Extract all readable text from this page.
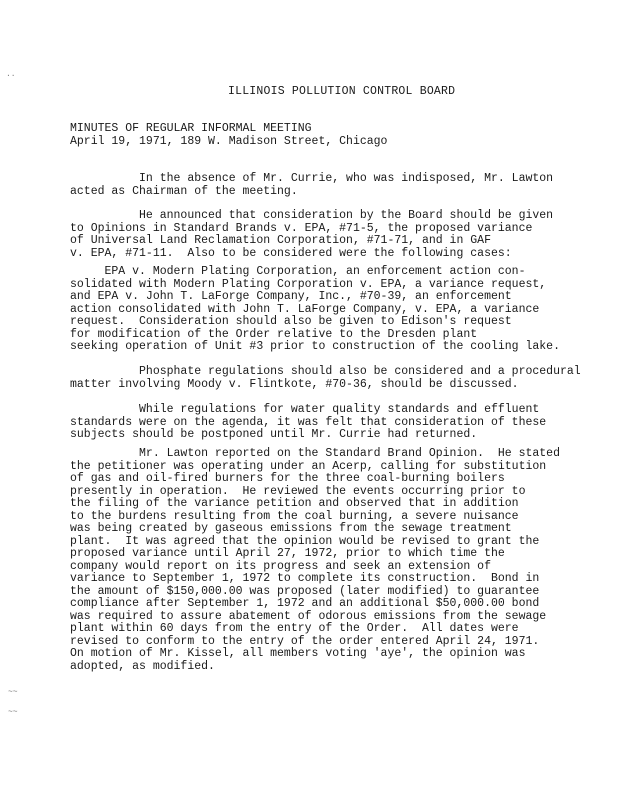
ILLINOIS POLLUTION CONTROL BOARD
MINUTES OF REGULAR INFORMAL MEETING
April 19, 1971, 189 W. Madison Street, Chicago

In the absence of Mr. Currie, who was indisposed, Mr. Lawton
acted as Chairman of the meeting.

He announced that consideration by the Board should be given
to Opinions in Standard Brands v. EPA, #71-5, the proposed variance
of Universal Land Reclamation Corporation, #71-71, and in GAF
v. EPA, #71-11.  Also to be considered were the following cases:

EPA v. Modern Plating Corporation, an enforcement action con-
solidated with Modern Plating Corporation v. EPA, a variance request,
and EPA v. John T. LaForge Company, Inc., #70-39, an enforcement
action consolidated with John T. LaForge Company, v. EPA, a variance
request.  Consideration should also be given to Edison's request
for modification of the Order relative to the Dresden plant
seeking operation of Unit #3 prior to construction of the cooling lake.

Phosphate regulations should also be considered and a procedural
matter involving Moody v. Flintkote, #70-36, should be discussed.

While regulations for water quality standards and effluent
standards were on the agenda, it was felt that consideration of these
subjects should be postponed until Mr. Currie had returned.

Mr. Lawton reported on the Standard Brand Opinion.  He stated
the petitioner was operating under an Acerp, calling for substitution
of gas and oil-fired burners for the three coal-burning boilers
presently in operation.  He reviewed the events occurring prior to
the filing of the variance petition and observed that in addition
to the burdens resulting from the coal burning, a severe nuisance
was being created by gaseous emissions from the sewage treatment
plant.  It was agreed that the opinion would be revised to grant the
proposed variance until April 27, 1972, prior to which time the
company would report on its progress and seek an extension of
variance to September 1, 1972 to complete its construction.  Bond in
the amount of $150,000.00 was proposed (later modified) to guarantee
compliance after September 1, 1972 and an additional $50,000.00 bond
was required to assure abatement of odorous emissions from the sewage
plant within 60 days from the entry of the Order.  All dates were
revised to conform to the entry of the order entered April 24, 1971.
On motion of Mr. Kissel, all members voting 'aye', the opinion was
adopted, as modified.

..
~~
~~
